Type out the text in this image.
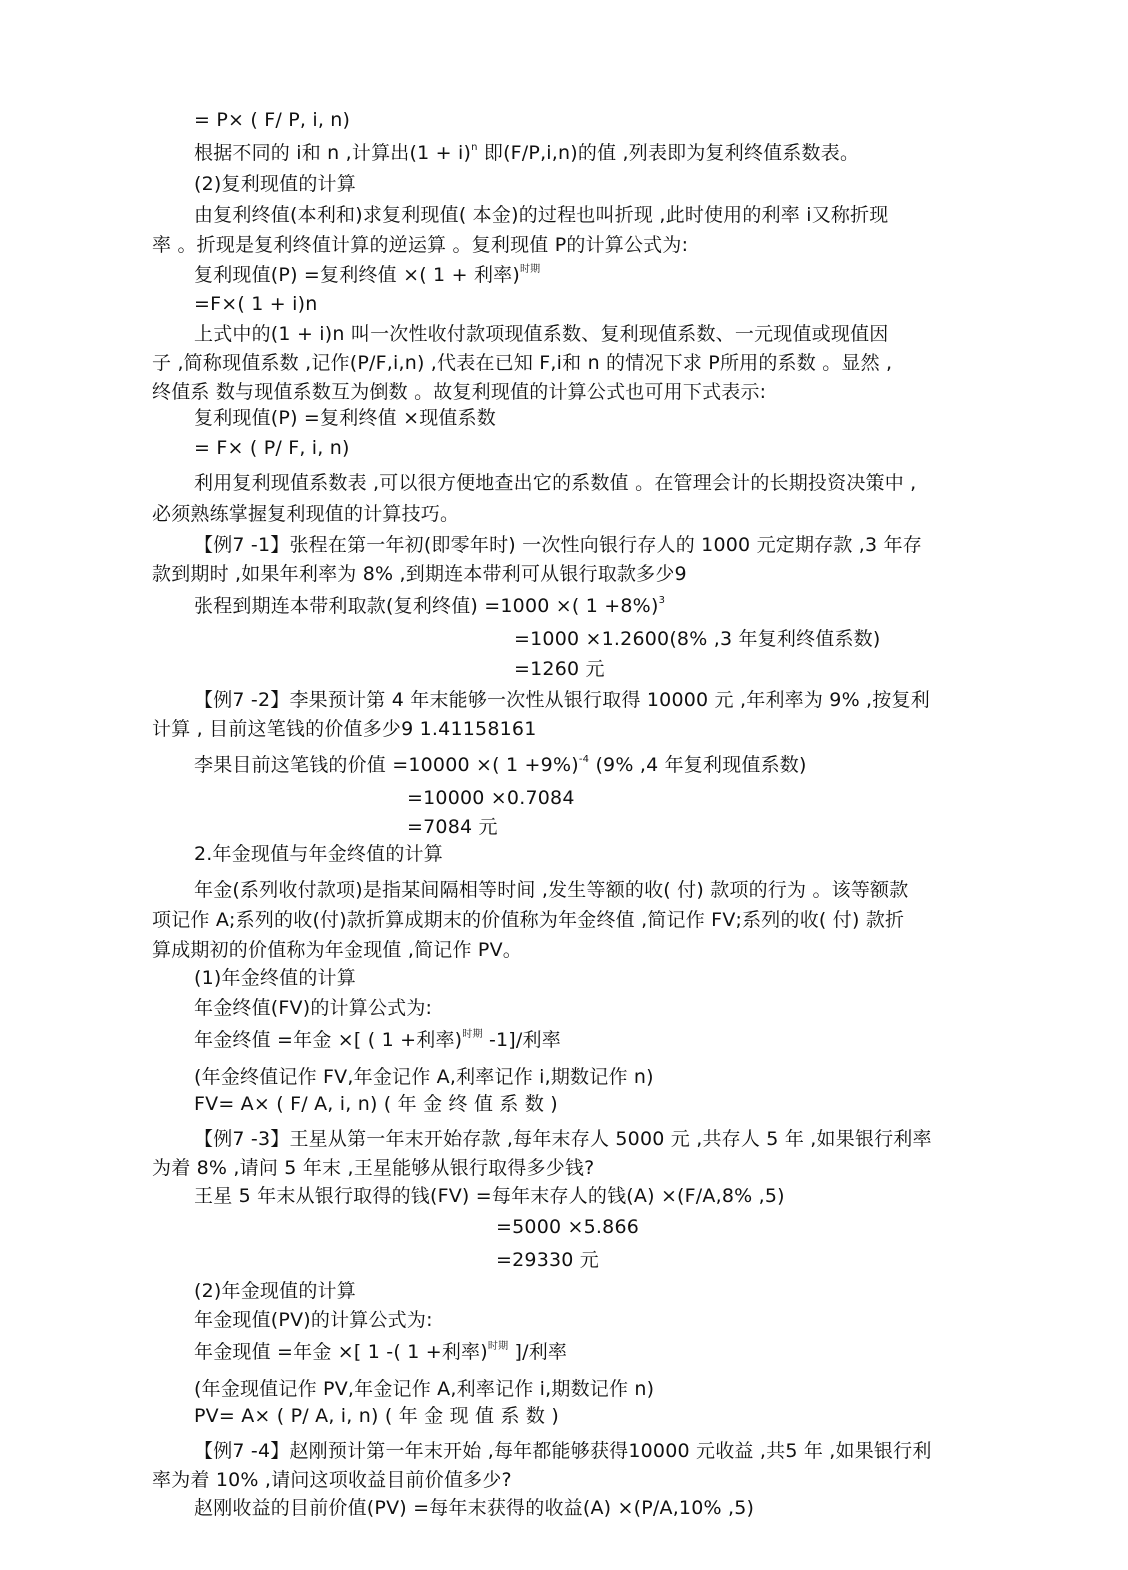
= P× ( F/ P, i, n)
根据不同的 i和 n ,计算出$(1 + i)^n$ 即(F/P,i,n)的值 ,列表即为复利终值系数表。
(2)复利现值的计算
由复利终值(本利和)求复利现值( 本金)的过程也叫折现 ,此时使用的利率 i又称折现
率 。折现是复利终值计算的逆运算 。复利现值 P的计算公式为:
复利现值(P) =复利终值 ×( 1 + 利率)$^{时期}$
=F×( 1 + i)n
上式中的(1 + i)n 叫一次性收付款项现值系数、复利现值系数、一元现值或现值因
子 ,简称现值系数 ,记作(P/F,i,n) ,代表在已知 F,i和 n 的情况下求 P所用的系数 。显然 ,
终值系 数与现值系数互为倒数 。故复利现值的计算公式也可用下式表示:
复利现值(P) =复利终值 ×现值系数
= F× ( P/ F, i, n)
利用复利现值系数表 ,可以很方便地查出它的系数值 。在管理会计的长期投资决策中 ,
必须熟练掌握复利现值的计算技巧。
【例7 -1】张程在第一年初(即零年时) 一次性向银行存人的 1000 元定期存款 ,3 年存
款到期时 ,如果年利率为 8% ,到期连本带利可从银行取款多少9
张程到期连本带利取款(复利终值) =1000 ×( 1 +8%)$^3$
=1000 ×1.2600(8% ,3 年复利终值系数)
=1260 元
【例7 -2】李果预计第 4 年末能够一次性从银行取得 10000 元 ,年利率为 9% ,按复利
计算 , 目前这笔钱的价值多少9 1.41158161
李果目前这笔钱的价值 =10000 ×( 1 +9%)$^{-4}$ (9% ,4 年复利现值系数)
=10000 ×0.7084
=7084 元
2.年金现值与年金终值的计算
年金(系列收付款项)是指某间隔相等时间 ,发生等额的收( 付) 款项的行为 。该等额款
项记作 A;系列的收(付)款折算成期末的价值称为年金终值 ,简记作 FV;系列的收( 付) 款折
算成期初的价值称为年金现值 ,简记作 PV。
(1)年金终值的计算
年金终值(FV)的计算公式为:
年金终值 =年金 ×[ ( 1 +利率)$^{时期}$ -1]/利率
(年金终值记作 FV,年金记作 A,利率记作 i,期数记作 n)
FV= A× ( F/ A, i, n) ( 年 金 终 值 系 数 )
【例7 -3】王星从第一年末开始存款 ,每年末存人 5000 元 ,共存人 5 年 ,如果银行利率
为着 8% ,请问 5 年末 ,王星能够从银行取得多少钱?
王星 5 年末从银行取得的钱(FV) =每年末存人的钱(A) ×(F/A,8% ,5)
=5000 ×5.866
=29330 元
(2)年金现值的计算
年金现值(PV)的计算公式为:
年金现值 =年金 ×[ 1 -( 1 +利率)$^{时期}$ ]/利率
(年金现值记作 PV,年金记作 A,利率记作 i,期数记作 n)
PV= A× ( P/ A, i, n) ( 年 金 现 值 系 数 )
【例7 -4】赵刚预计第一年末开始 ,每年都能够获得10000 元收益 ,共5 年 ,如果银行利
率为着 10% ,请问这项收益目前价值多少?
赵刚收益的目前价值(PV) =每年末获得的收益(A) ×(P/A,10% ,5)
